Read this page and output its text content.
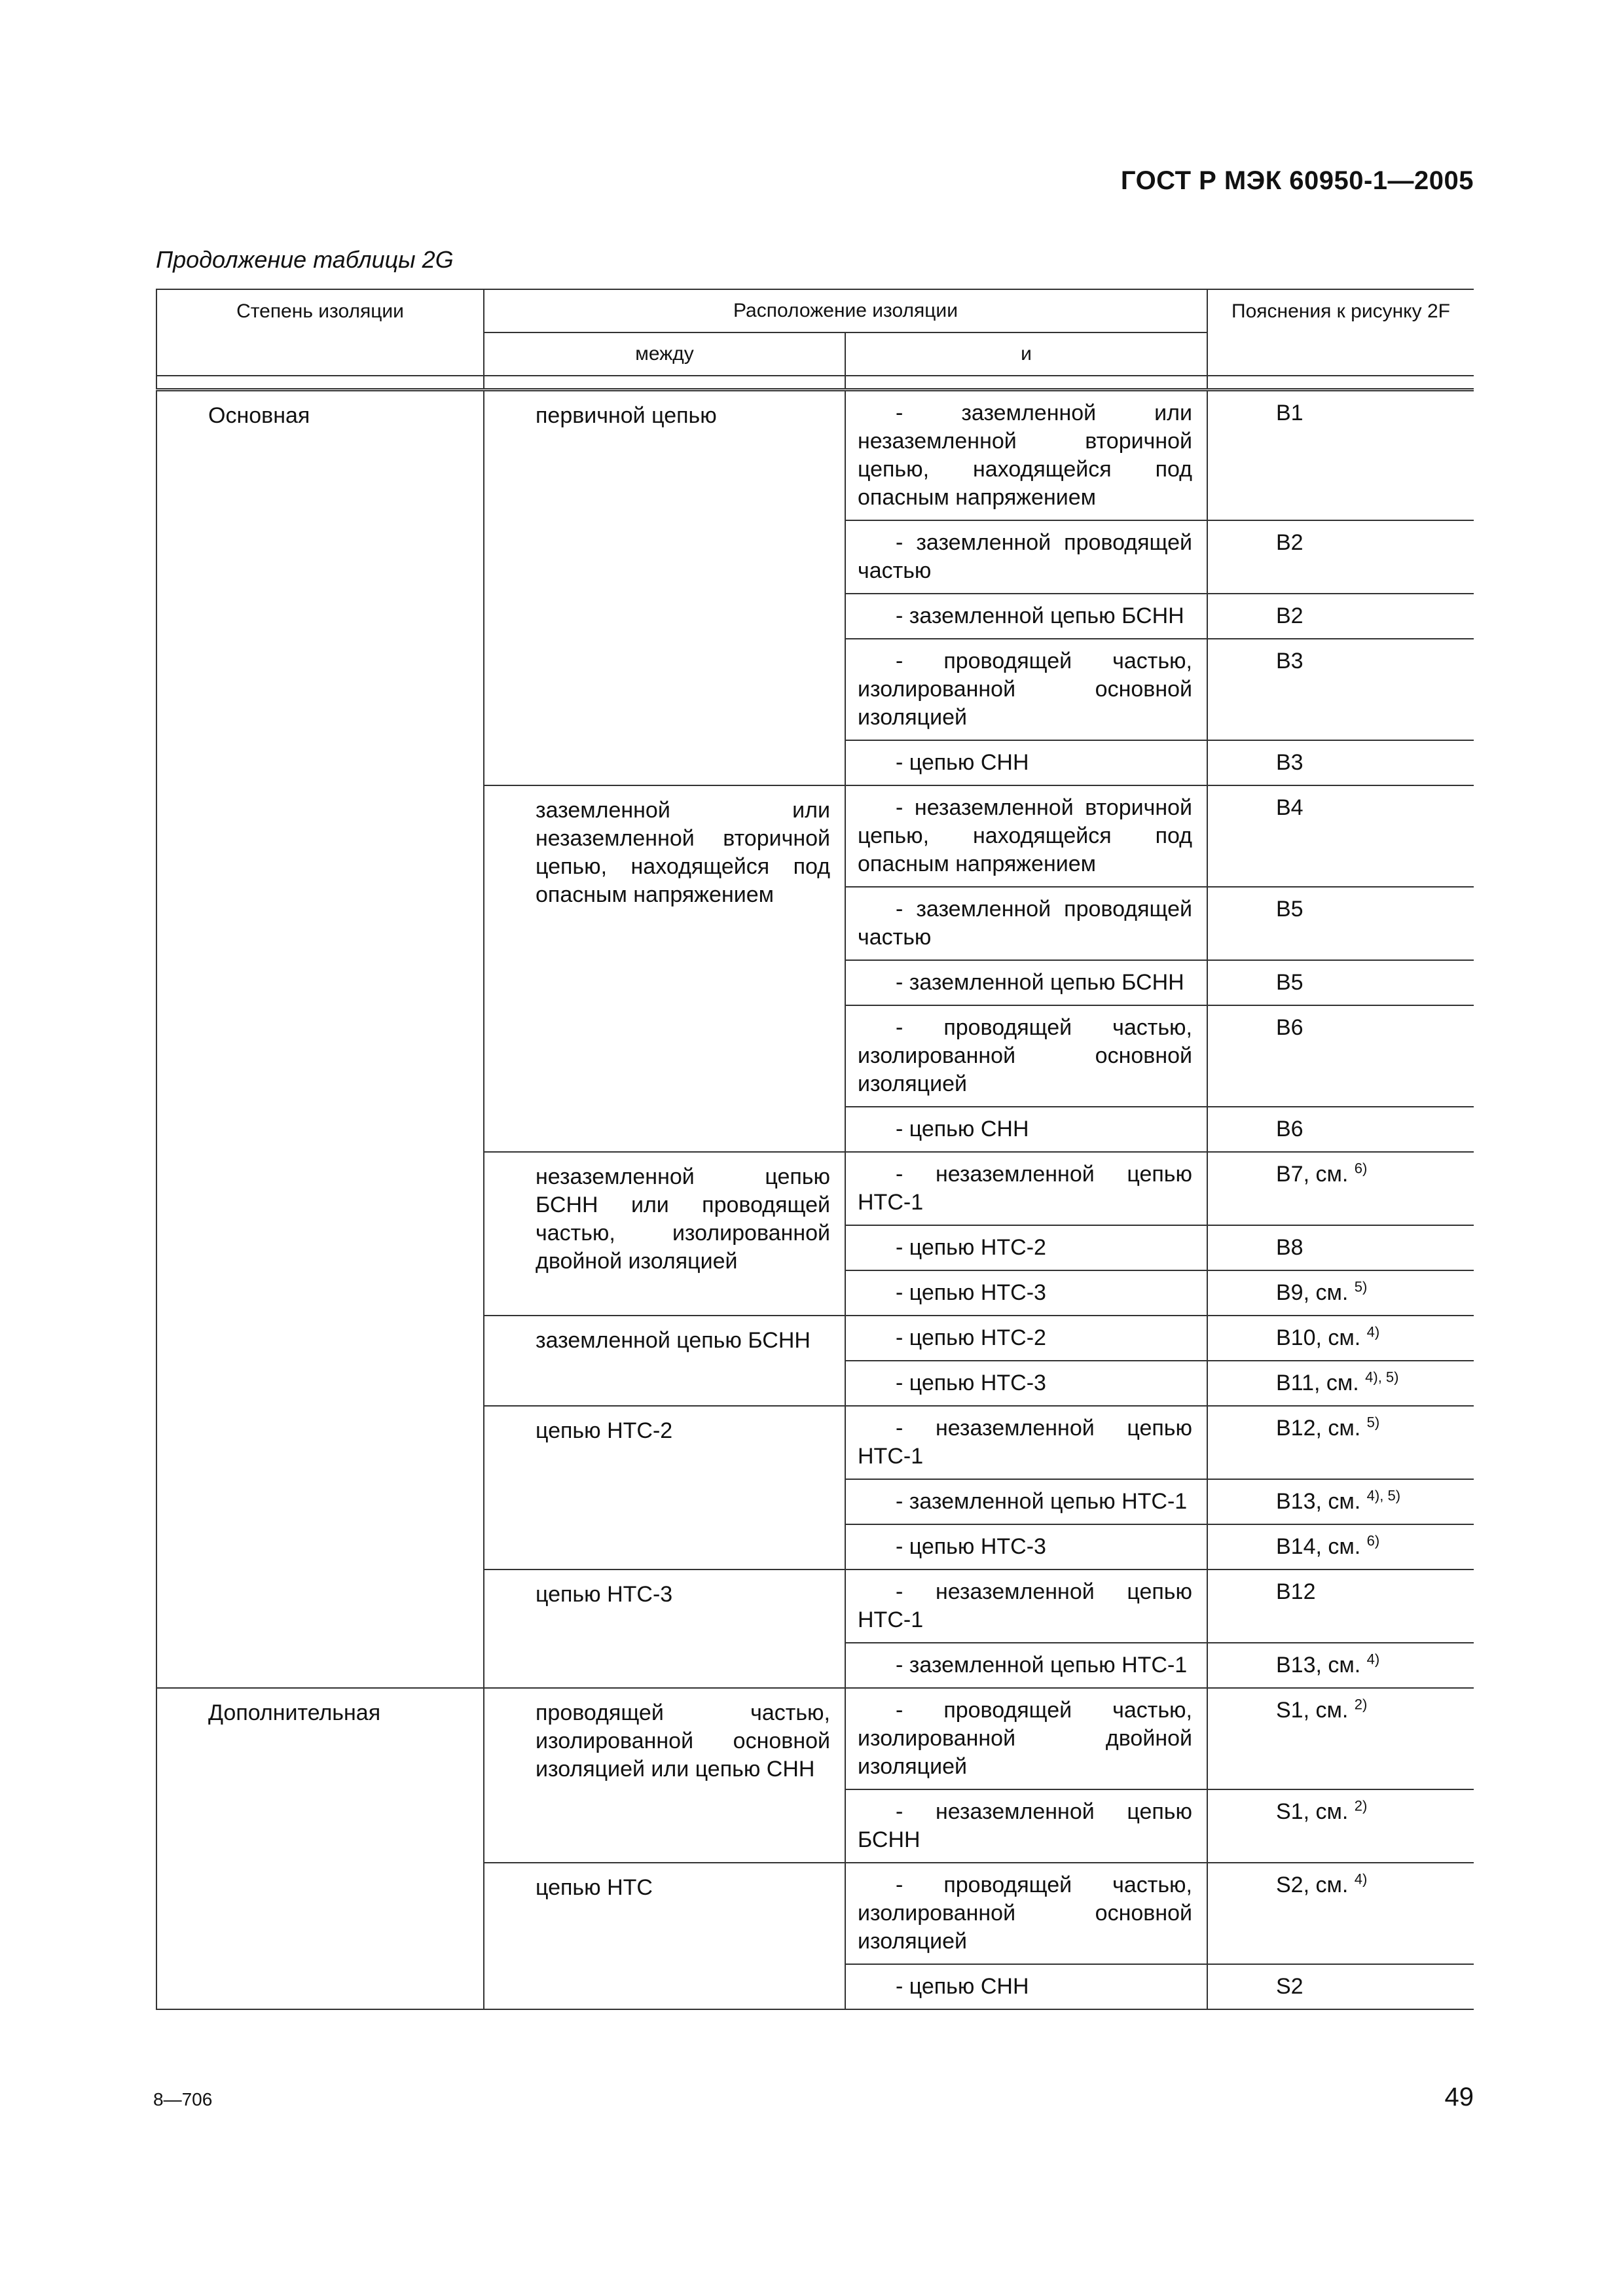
ГОСТ Р МЭК 60950-1—2005
Продолжение таблицы 2G
Степень изоляции	Расположение изоляции		Пояснения к рисунку 2F
	между	и	

Основная	первичной цепью	- заземленной или незаземленной вторичной цепью, находящейся под опасным напряжением	B1
		- заземленной проводящей частью	B2
		- заземленной цепью БСНН	B2
		- проводящей частью, изолированной основной изоляцией	B3
		- цепью СНН	B3
	заземленной или незаземленной вторичной цепью, находящейся под опасным напряжением	- незаземленной вторичной цепью, находящейся под опасным напряжением	B4
		- заземленной проводящей частью	B5
		- заземленной цепью БСНН	B5
		- проводящей частью, изолированной основной изоляцией	B6
		- цепью СНН	B6
	незаземленной цепью БСНН или проводящей частью, изолированной двойной изоляцией	- незаземленной цепью НТС-1	B7, см. $^{6)}$
		- цепью НТС-2	B8
		- цепью НТС-3	B9, см. $^{5)}$
	заземленной цепью БСНН	- цепью НТС-2	B10, см. $^{4)}$
		- цепью НТС-3	B11, см. $^{4), 5)}$
	цепью НТС-2	- незаземленной цепью НТС-1	B12, см. $^{5)}$
		- заземленной цепью НТС-1	B13, см. $^{4), 5)}$
		- цепью НТС-3	B14, см. $^{6)}$
	цепью НТС-3	- незаземленной цепью НТС-1	B12
		- заземленной цепью НТС-1	B13, см. $^{4)}$
Дополнительная	проводящей частью, изолированной основной изоляцией или цепью СНН	- проводящей частью, изолированной двойной изоляцией	S1, см. $^{2)}$
		- незаземленной цепью БСНН	S1, см. $^{2)}$
	цепью НТС	- проводящей частью, изолированной основной изоляцией	S2, см. $^{4)}$
		- цепью СНН	S2
8—706	49
